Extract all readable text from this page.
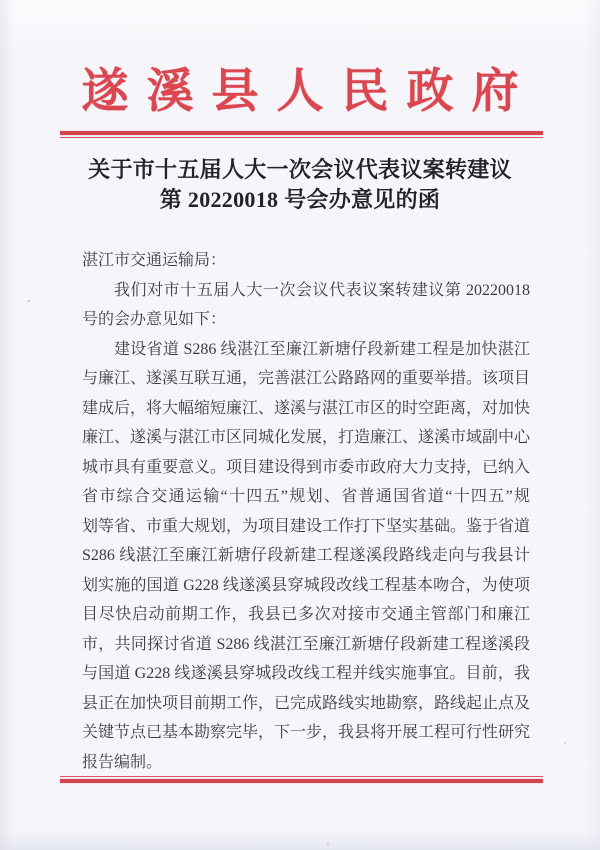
遂溪县人民政府
关于市十五届人大一次会议代表议案转建议
第 20220018 号会办意见的函
湛江市交通运输局：
我们对市十五届人大一次会议代表议案转建议第 20220018
号的会办意见如下：
建设省道 S286 线湛江至廉江新塘仔段新建工程是加快湛江
与廉江、遂溪互联互通，完善湛江公路路网的重要举措。该项目
建成后，将大幅缩短廉江、遂溪与湛江市区的时空距离，对加快
廉江、遂溪与湛江市区同城化发展，打造廉江、遂溪市域副中心
城市具有重要意义。项目建设得到市委市政府大力支持，已纳入
省市综合交通运输“十四五”规划、省普通国省道“十四五”规
划等省、市重大规划，为项目建设工作打下坚实基础。鉴于省道
S286 线湛江至廉江新塘仔段新建工程遂溪段路线走向与我县计
划实施的国道 G228 线遂溪县穿城段改线工程基本吻合，为使项
目尽快启动前期工作，我县已多次对接市交通主管部门和廉江
市，共同探讨省道 S286 线湛江至廉江新塘仔段新建工程遂溪段
与国道 G228 线遂溪县穿城段改线工程并线实施事宜。目前，我
县正在加快项目前期工作，已完成路线实地勘察，路线起止点及
关键节点已基本勘察完毕，下一步，我县将开展工程可行性研究
报告编制。
